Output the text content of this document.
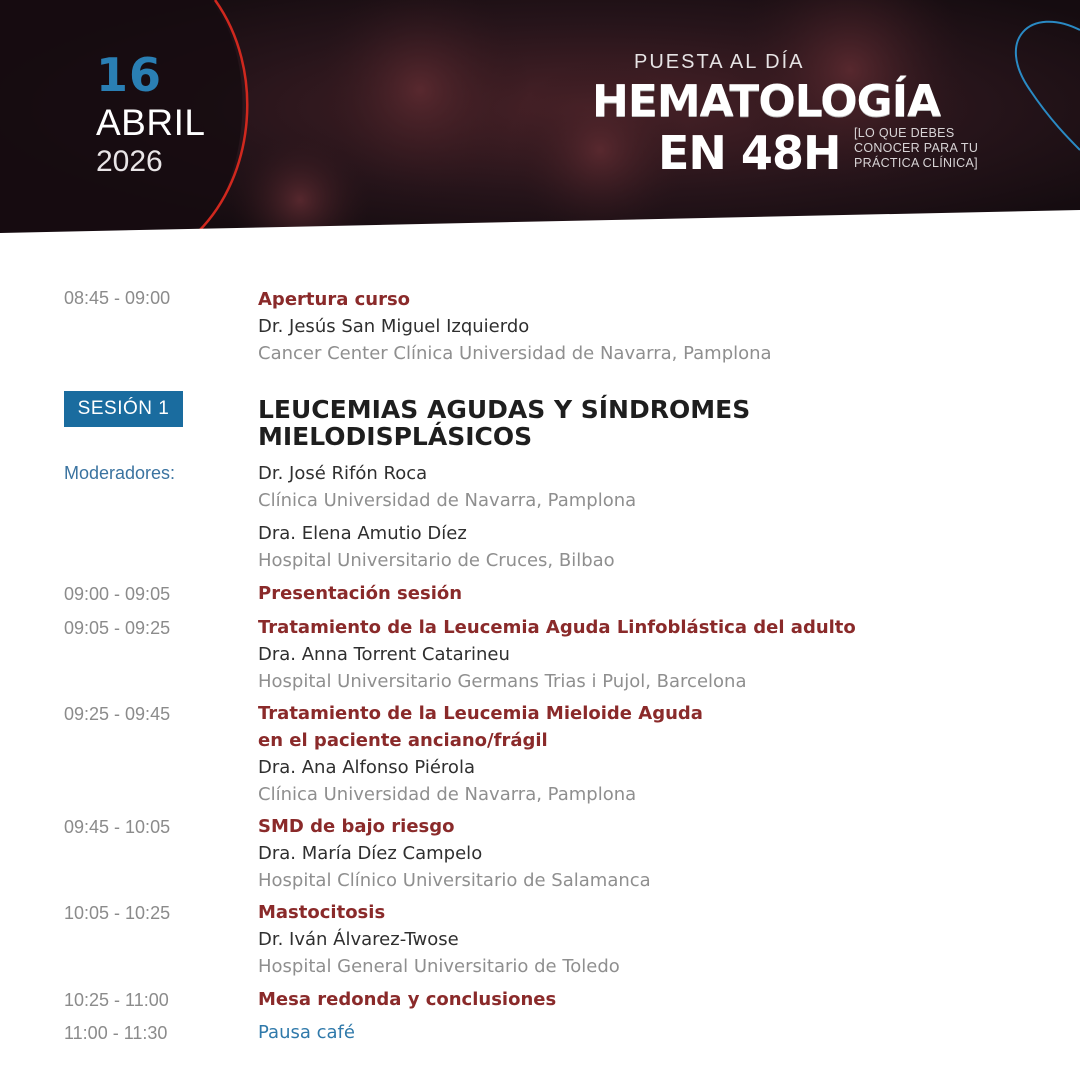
16
ABRIL
2026
PUESTA AL DÍA
HEMATOLOGÍA
EN 48H [LO QUE DEBES
CONOCER PARA TU
PRÁCTICA CLÍNICA]
08:45 - 09:00	Apertura curso
Dr. Jesús San Miguel Izquierdo
Cancer Center Clínica Universidad de Navarra, Pamplona
SESIÓN 1	LEUCEMIAS AGUDAS Y SÍNDROMES
MIELODISPLÁSICOS
Moderadores:	Dr. José Rifón Roca
Clínica Universidad de Navarra, Pamplona
Dra. Elena Amutio Díez
Hospital Universitario de Cruces, Bilbao
09:00 - 09:05	Presentación sesión
09:05 - 09:25	Tratamiento de la Leucemia Aguda Linfoblástica del adulto
Dra. Anna Torrent Catarineu
Hospital Universitario Germans Trias i Pujol, Barcelona
09:25 - 09:45	Tratamiento de la Leucemia Mieloide Aguda
en el paciente anciano/frágil
Dra. Ana Alfonso Piérola
Clínica Universidad de Navarra, Pamplona
09:45 - 10:05	SMD de bajo riesgo
Dra. María Díez Campelo
Hospital Clínico Universitario de Salamanca
10:05 - 10:25	Mastocitosis
Dr. Iván Álvarez-Twose
Hospital General Universitario de Toledo
10:25 - 11:00	Mesa redonda y conclusiones
11:00 - 11:30	Pausa café
